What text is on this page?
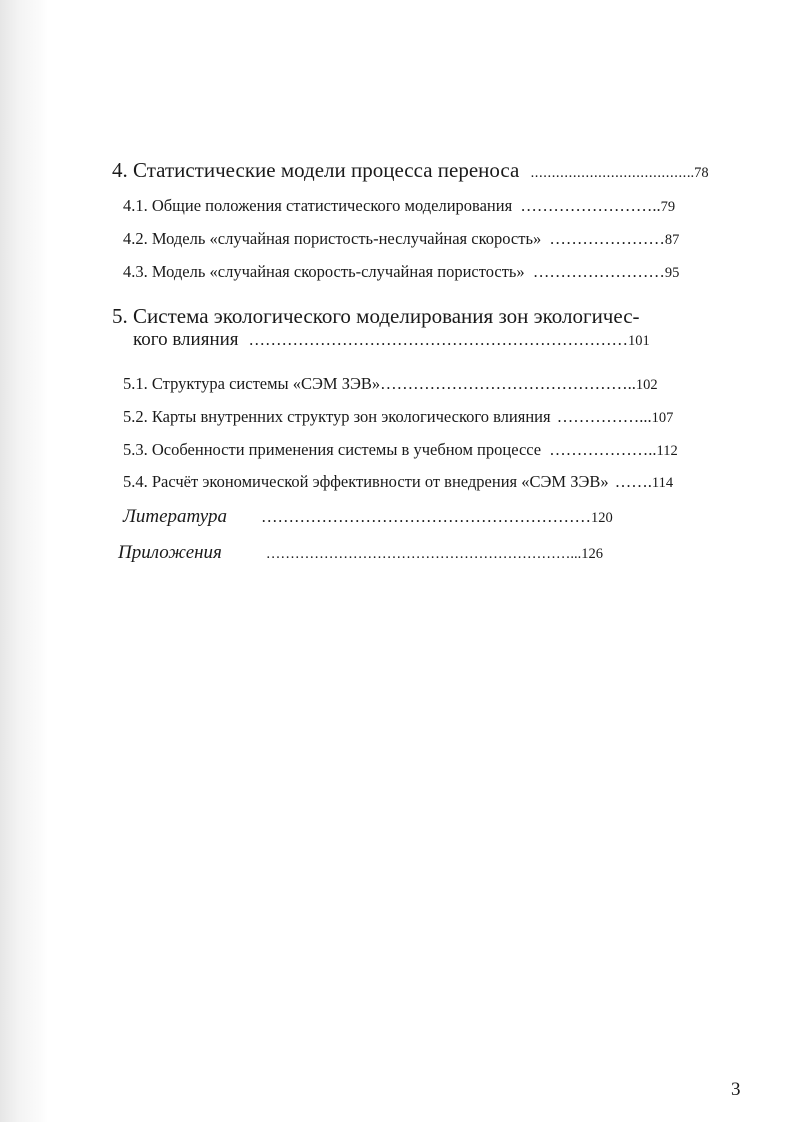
4. Статистические модели процесса переноса .......................................78
4.1. Общие положения статистического моделирования ……………………..79
4.2. Модель «случайная пористость-неслучайная скорость» …………………87
4.3. Модель «случайная скорость-случайная пористость» ……………………95
5. Система экологического моделирования зон экологичес-
кого влияния ……………………………………………………………101
5.1. Структура системы «СЭМ ЗЭВ»………………………………………..102
5.2. Карты внутренних структур зон экологического влияния ……………...107
5.3. Особенности применения системы в учебном процессе ………………..112
5.4. Расчёт экономической эффективности от внедрения «СЭМ ЗЭВ» …….114
Литература ……………………………………………………120
Приложения	………………………………………………………...126
3
